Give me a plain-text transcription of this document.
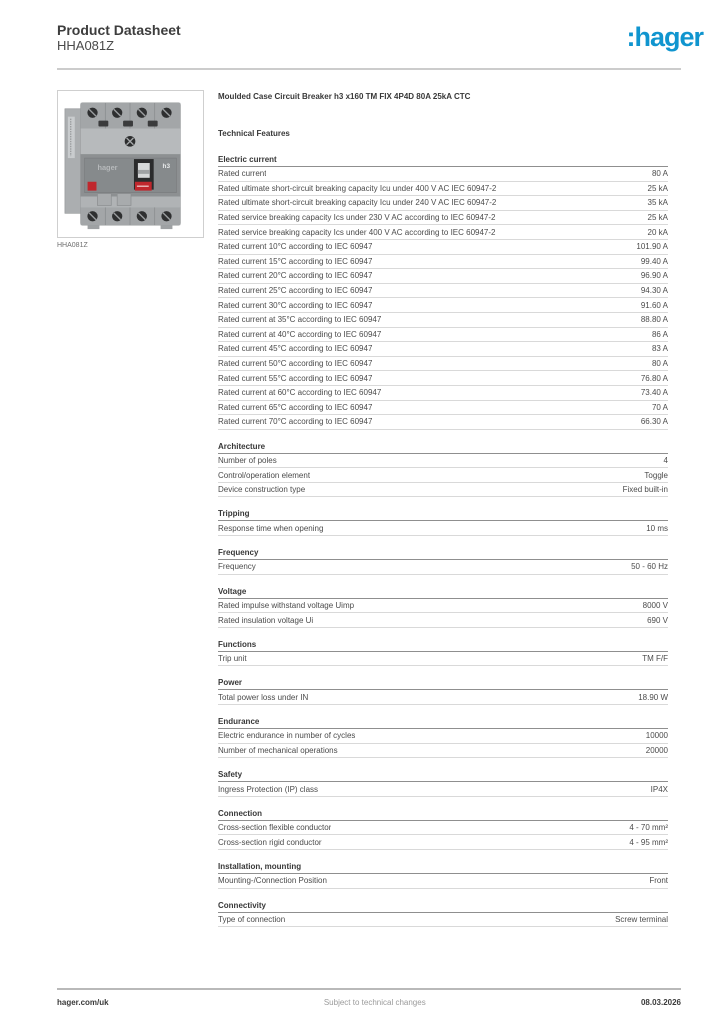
Product Datasheet
HHA081Z	:hager
hager	h3
HHA081Z
Moulded Case Circuit Breaker h3 x160 TM FIX 4P4D 80A 25kA CTC
Technical Features
Electric current
Rated current	80 A
Rated ultimate short-circuit breaking capacity Icu under 400 V AC IEC 60947-2	25 kA
Rated ultimate short-circuit breaking capacity Icu under 240 V AC IEC 60947-2	35 kA
Rated service breaking capacity Ics under 230 V AC according to IEC 60947-2	25 kA
Rated service breaking capacity Ics under 400 V AC according to IEC 60947-2	20 kA
Rated current 10°C according to IEC 60947	101.90 A
Rated current 15°C according to IEC 60947	99.40 A
Rated current 20°C according to IEC 60947	96.90 A
Rated current 25°C according to IEC 60947	94.30 A
Rated current 30°C according to IEC 60947	91.60 A
Rated current at 35°C according to IEC 60947	88.80 A
Rated current at 40°C according to IEC 60947	86 A
Rated current 45°C according to IEC 60947	83 A
Rated current 50°C according to IEC 60947	80 A
Rated current 55°C according to IEC 60947	76.80 A
Rated current at 60°C according to IEC 60947	73.40 A
Rated current 65°C according to IEC 60947	70 A
Rated current 70°C according to IEC 60947	66.30 A
Architecture
Number of poles	4
Control/operation element	Toggle
Device construction type	Fixed built-in
Tripping
Response time when opening	10 ms
Frequency
Frequency	50 - 60 Hz
Voltage
Rated impulse withstand voltage Uimp	8000 V
Rated insulation voltage Ui	690 V
Functions
Trip unit	TM F/F
Power
Total power loss under IN	18.90 W
Endurance
Electric endurance in number of cycles	10000
Number of mechanical operations	20000
Safety
Ingress Protection (IP) class	IP4X
Connection
Cross-section flexible conductor	4 - 70 mm²
Cross-section rigid conductor	4 - 95 mm²
Installation, mounting
Mounting-/Connection Position	Front
Connectivity
Type of connection	Screw terminal
hager.com/uk	Subject to technical changes	08.03.2026
